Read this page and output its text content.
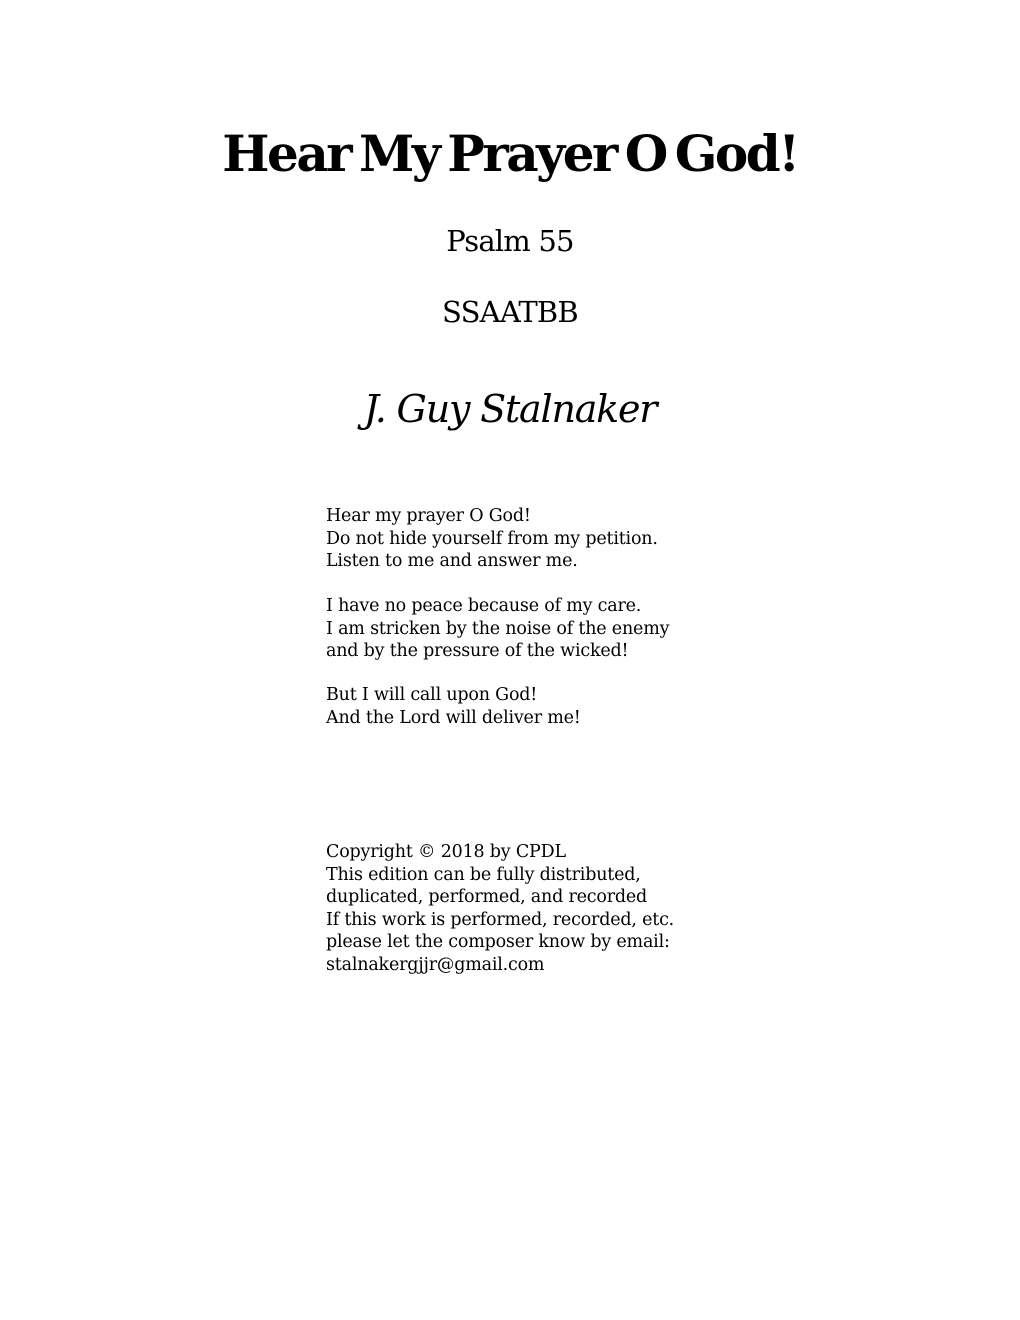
Hear My Prayer O God!

Psalm 55

SSAATBB

J. Guy Stalnaker

Hear my prayer O God!
Do not hide yourself from my petition.
Listen to me and answer me.
I have no peace because of my care.
I am stricken by the noise of the enemy
and by the pressure of the wicked!
But I will call upon God!
And the Lord will deliver me!
Copyright © 2018 by CPDL
This edition can be fully distributed,
duplicated, performed, and recorded
If this work is performed, recorded, etc.
please let the composer know by email:
stalnakergjjr@gmail.com
